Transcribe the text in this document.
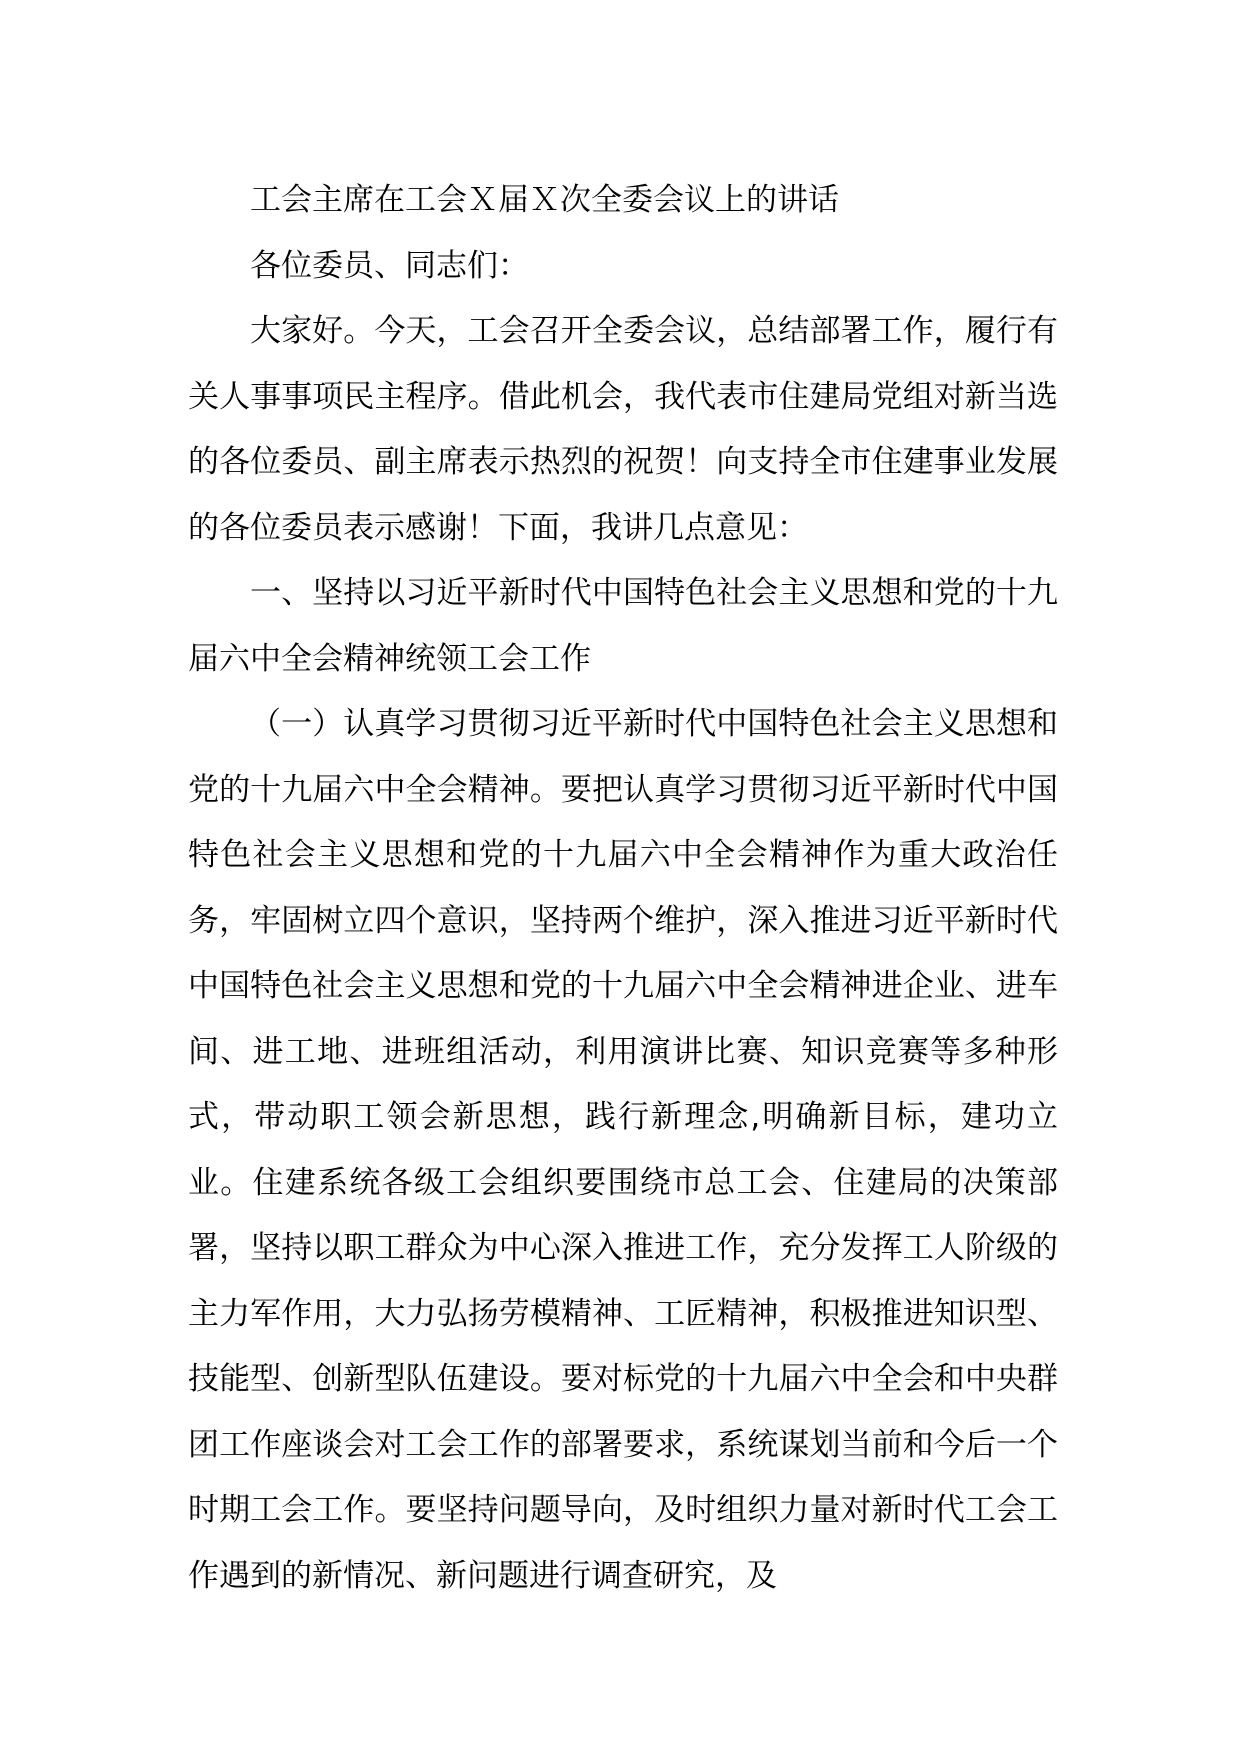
工会主席在工会Ｘ届Ｘ次全委会议上的讲话

各位委员、同志们：

大家好。今天，工会召开全委会议，总结部署工作，履行有关人事事项民主程序。借此机会，我代表市住建局党组对新当选的各位委员、副主席表示热烈的祝贺！向支持全市住建事业发展的各位委员表示感谢！下面，我讲几点意见：

一、坚持以习近平新时代中国特色社会主义思想和党的十九届六中全会精神统领工会工作

（一）认真学习贯彻习近平新时代中国特色社会主义思想和党的十九届六中全会精神。要把认真学习贯彻习近平新时代中国特色社会主义思想和党的十九届六中全会精神作为重大政治任务，牢固树立四个意识，坚持两个维护，深入推进习近平新时代中国特色社会主义思想和党的十九届六中全会精神进企业、进车间、进工地、进班组活动，利用演讲比赛、知识竞赛等多种形式，带动职工领会新思想，践行新理念,明确新目标，建功立业。住建系统各级工会组织要围绕市总工会、住建局的决策部署，坚持以职工群众为中心深入推进工作，充分发挥工人阶级的主力军作用，大力弘扬劳模精神、工匠精神，积极推进知识型、技能型、创新型队伍建设。要对标党的十九届六中全会和中央群团工作座谈会对工会工作的部署要求，系统谋划当前和今后一个时期工会工作。要坚持问题导向，及时组织力量对新时代工会工作遇到的新情况、新问题进行调查研究，及
